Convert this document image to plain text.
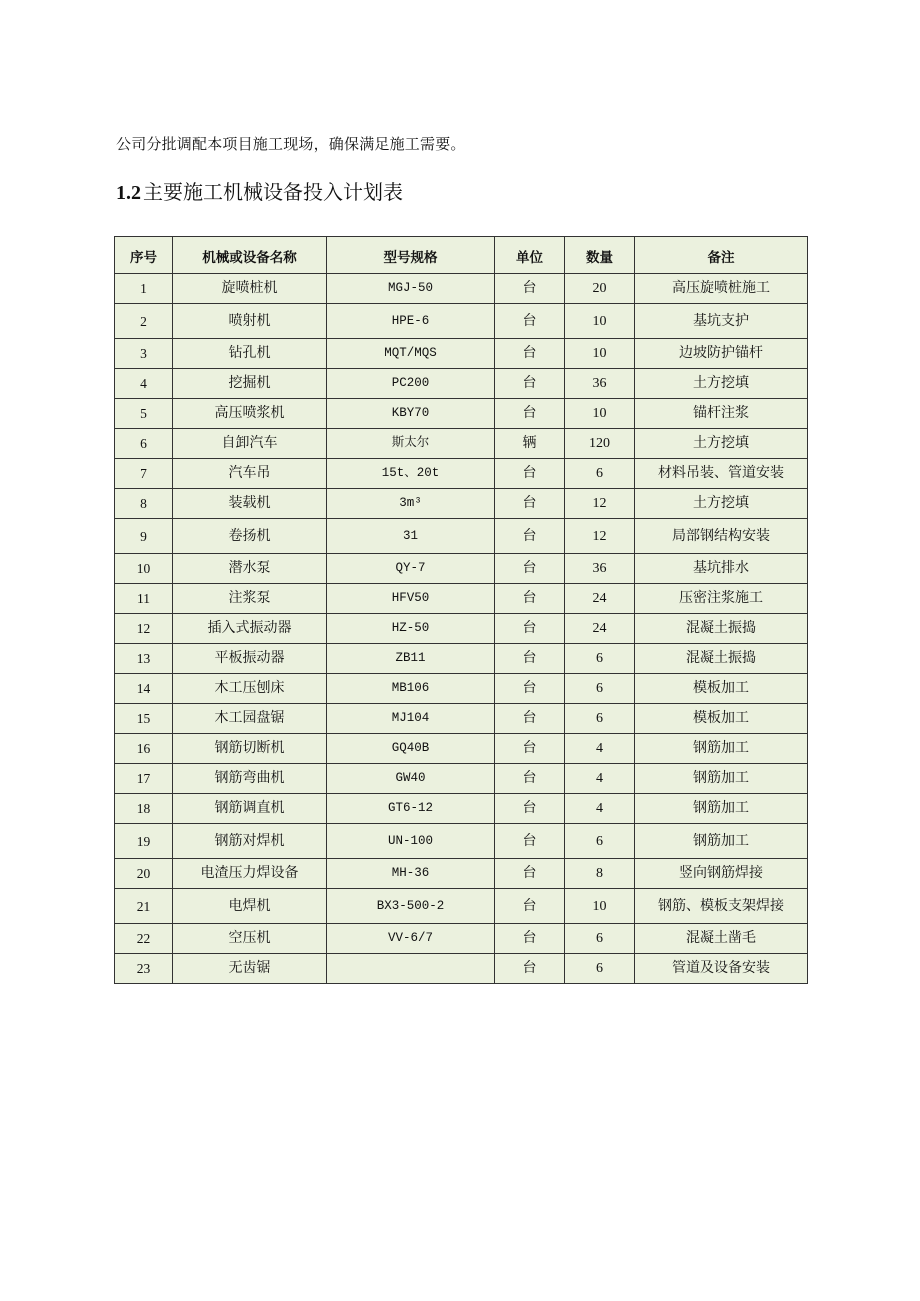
公司分批调配本项目施工现场，确保满足施工需要。

1.2 主要施工机械设备投入计划表
序号	机械或设备名称	型号规格	单位	数量	备注
1	旋喷桩机	MGJ-50	台	20	高压旋喷桩施工
2	喷射机	HPE-6	台	10	基坑支护
3	钻孔机	MQT/MQS	台	10	边坡防护锚杆
4	挖掘机	PC200	台	36	土方挖填
5	高压喷浆机	KBY70	台	10	锚杆注浆
6	自卸汽车	斯太尔	辆	120	土方挖填
7	汽车吊	15t、20t	台	6	材料吊装、管道安装
8	装载机	3m³	台	12	土方挖填
9	卷扬机	31	台	12	局部钢结构安装
10	潜水泵	QY-7	台	36	基坑排水
11	注浆泵	HFV50	台	24	压密注浆施工
12	插入式振动器	HZ-50	台	24	混凝土振捣
13	平板振动器	ZB11	台	6	混凝土振捣
14	木工压刨床	MB106	台	6	模板加工
15	木工园盘锯	MJ104	台	6	模板加工
16	钢筋切断机	GQ40B	台	4	钢筋加工
17	钢筋弯曲机	GW40	台	4	钢筋加工
18	钢筋调直机	GT6-12	台	4	钢筋加工
19	钢筋对焊机	UN-100	台	6	钢筋加工
20	电渣压力焊设备	MH-36	台	8	竖向钢筋焊接
21	电焊机	BX3-500-2	台	10	钢筋、模板支架焊接
22	空压机	VV-6/7	台	6	混凝土凿毛
23	无齿锯		台	6	管道及设备安装
